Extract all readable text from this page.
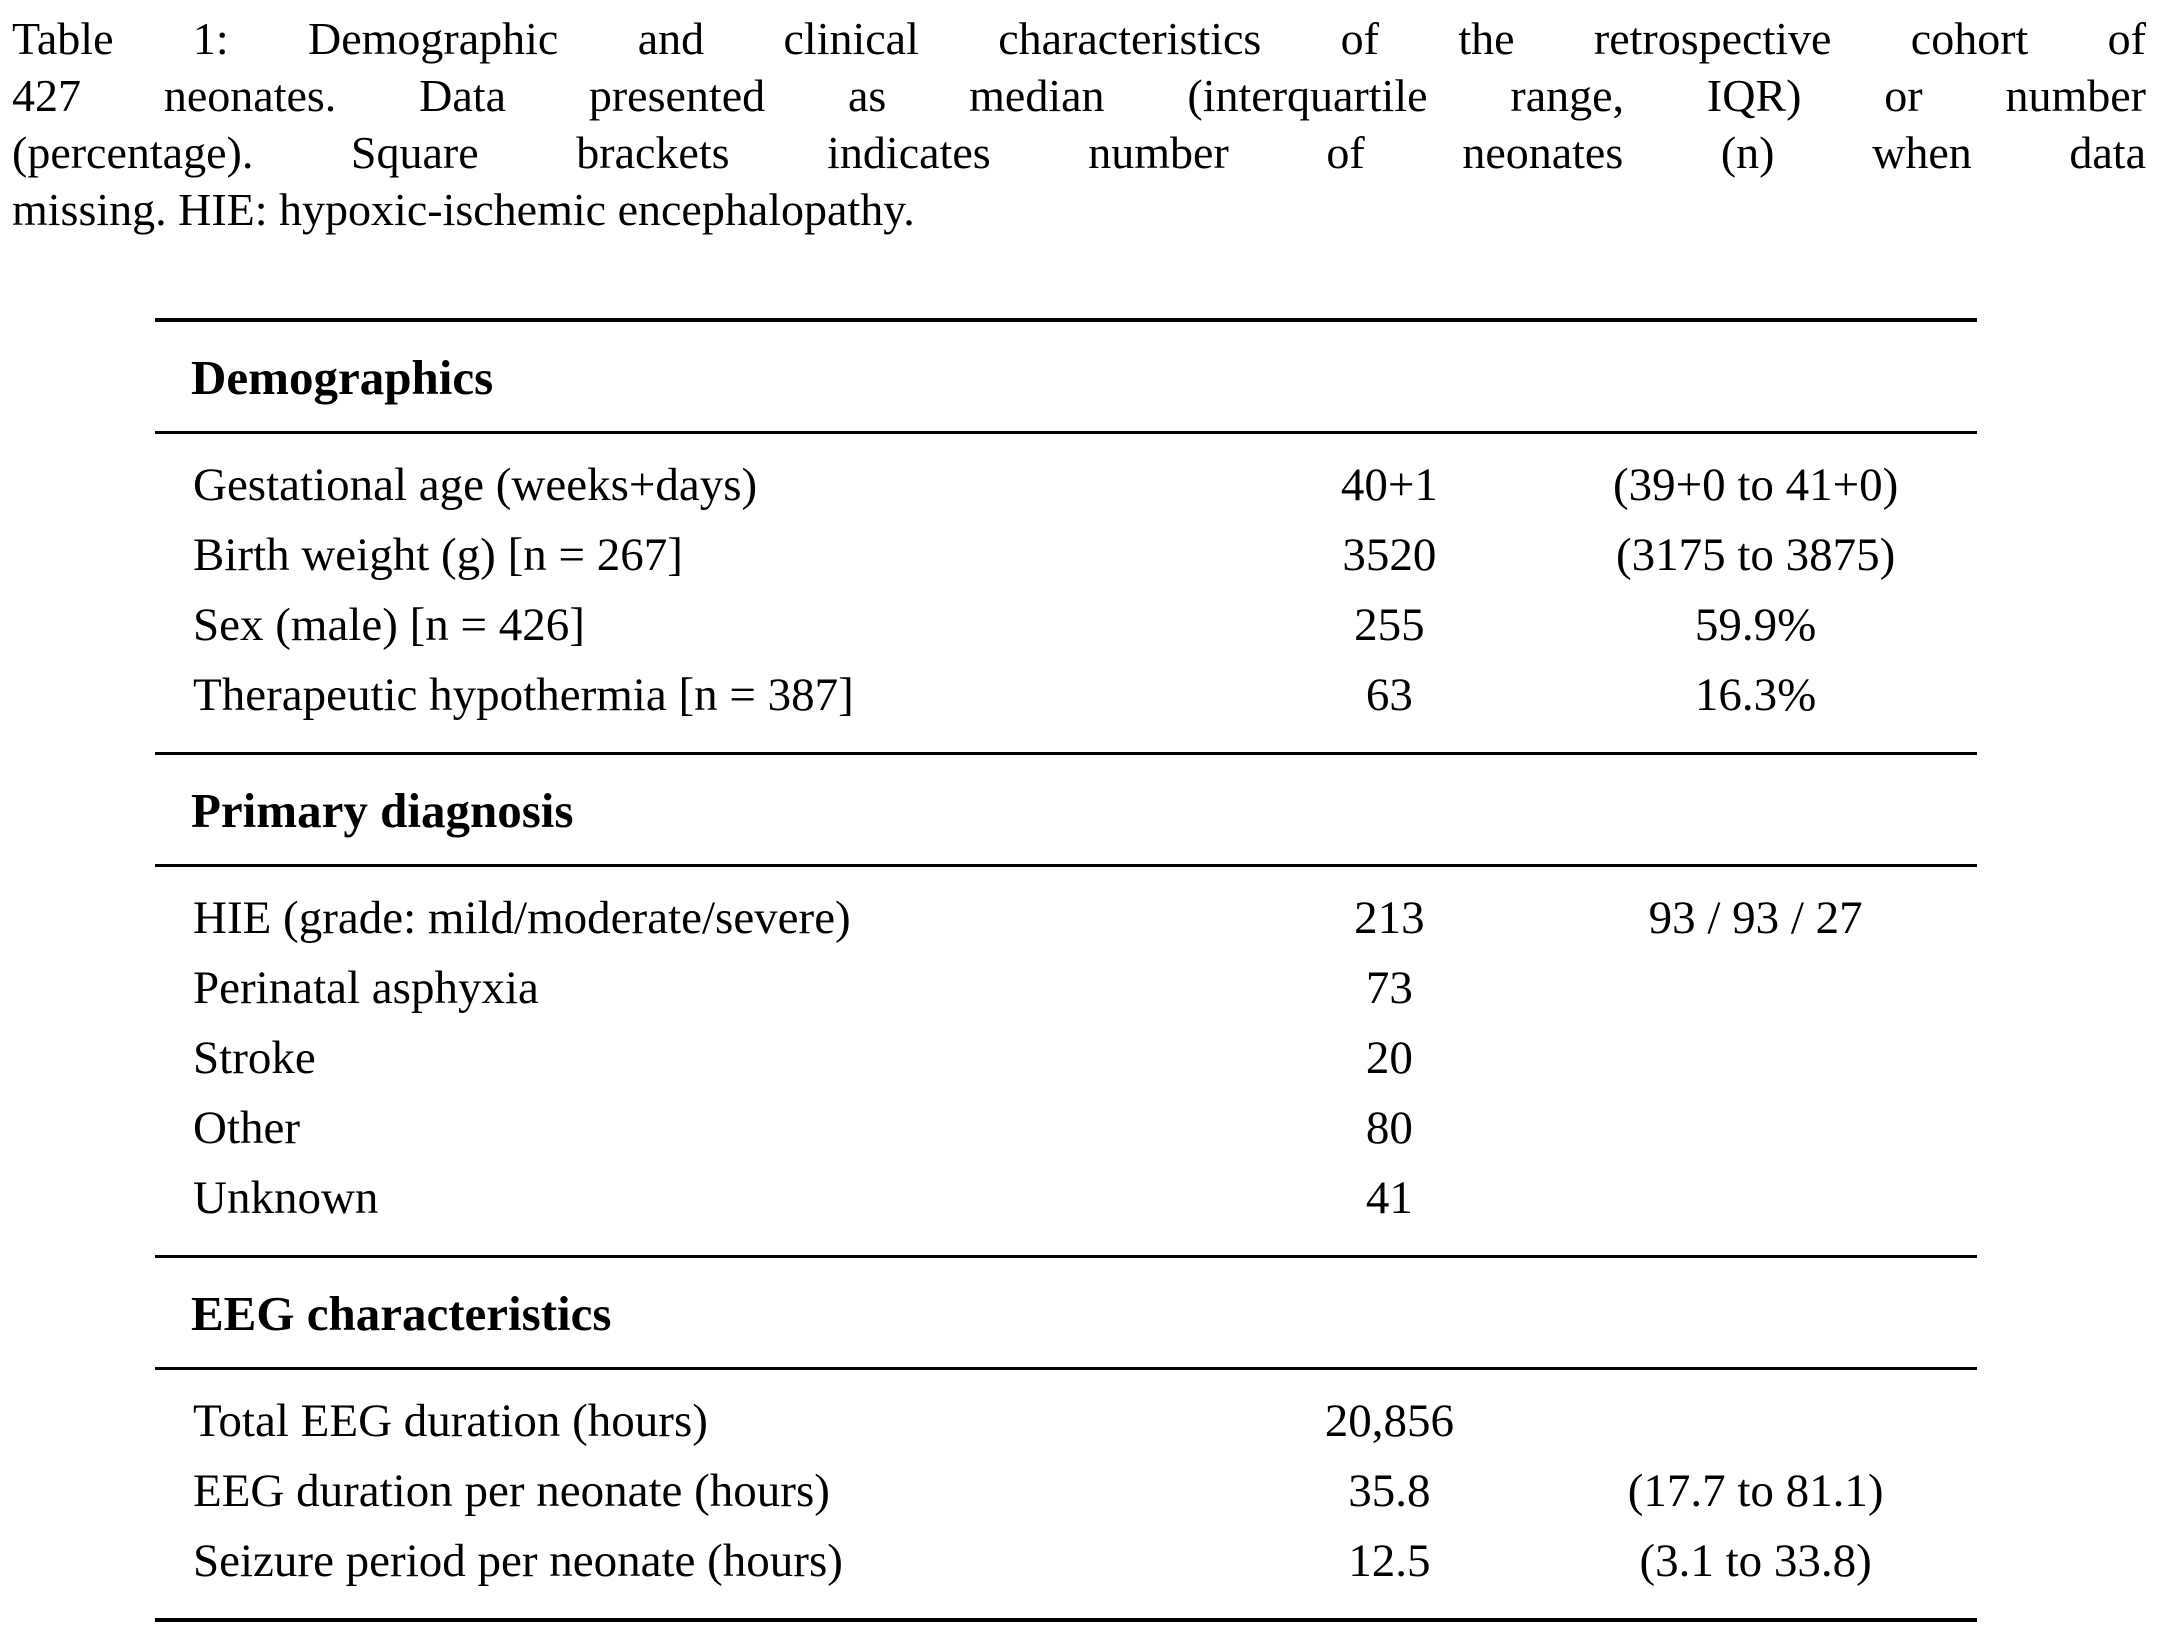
Table 1: Demographic and clinical characteristics of the retrospective cohort of
427 neonates. Data presented as median (interquartile range, IQR) or number
(percentage). Square brackets indicates number of neonates (n) when data
missing. HIE: hypoxic-ischemic encephalopathy.
Demographics		
Gestational age (weeks+days)	40+1	(39+0 to 41+0)
Birth weight (g) [n = 267]	3520	(3175 to 3875)
Sex (male) [n = 426]	255	59.9%
Therapeutic hypothermia [n = 387]	63	16.3%
Primary diagnosis		
HIE (grade: mild/moderate/severe)	213	93 / 93 / 27
Perinatal asphyxia	73	
Stroke	20	
Other	80	
Unknown	41	
EEG characteristics		
Total EEG duration (hours)	20,856	
EEG duration per neonate (hours)	35.8	(17.7 to 81.1)
Seizure period per neonate (hours)	12.5	(3.1 to 33.8)
